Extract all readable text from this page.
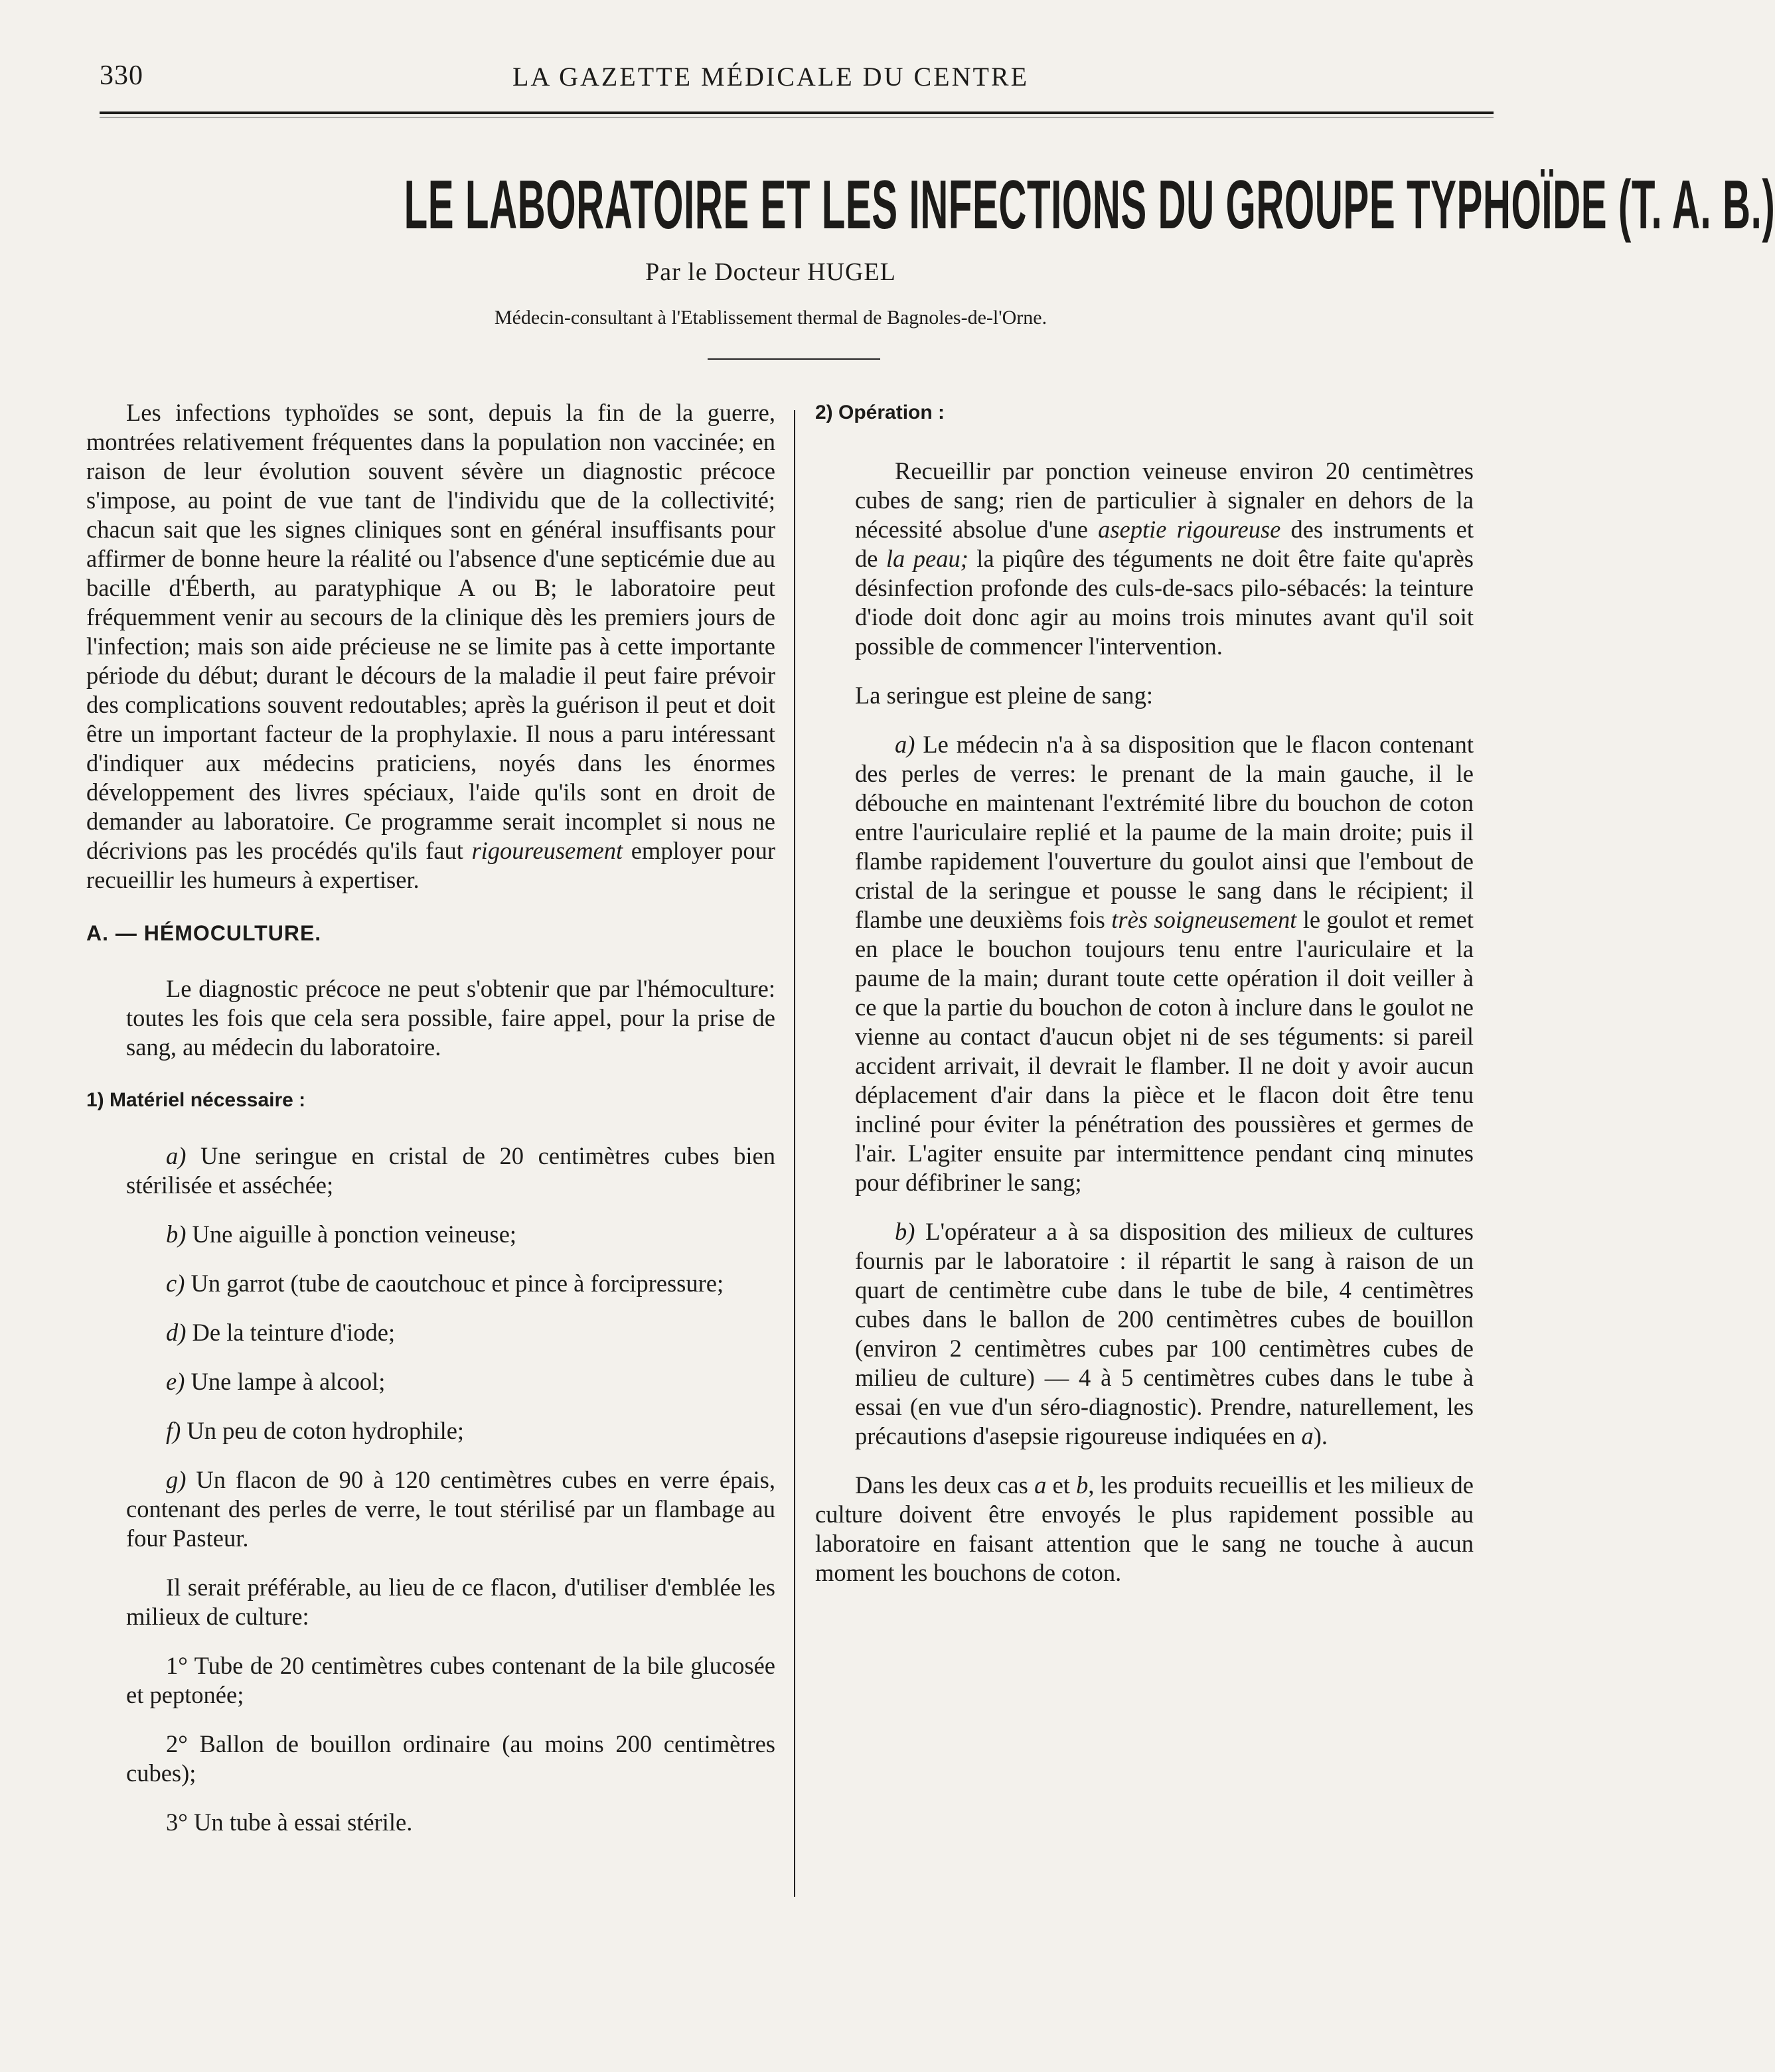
330	LA GAZETTE MÉDICALE DU CENTRE
LE LABORATOIRE ET LES INFECTIONS DU GROUPE TYPHOÏDE (T. A. B.)
Par le Docteur HUGEL
Médecin-consultant à l'Etablissement thermal de Bagnoles-de-l'Orne.

Les infections typhoïdes se sont, depuis la fin de la guerre, montrées relativement fréquentes dans la population non vaccinée; en raison de leur évolution souvent sévère un diagnostic précoce s'impose, au point de vue tant de l'individu que de la collectivité; chacun sait que les signes cliniques sont en général insuffisants pour affirmer de bonne heure la réalité ou l'absence d'une septicémie due au bacille d'Éberth, au paratyphique A ou B; le laboratoire peut fréquemment venir au secours de la clinique dès les premiers jours de l'infection; mais son aide précieuse ne se limite pas à cette importante période du début; durant le décours de la maladie il peut faire prévoir des complications souvent redoutables; après la guérison il peut et doit être un important facteur de la prophylaxie. Il nous a paru intéressant d'indiquer aux médecins praticiens, noyés dans les énormes développement des livres spéciaux, l'aide qu'ils sont en droit de demander au laboratoire. Ce programme serait incomplet si nous ne décrivions pas les procédés qu'ils faut rigoureusement employer pour recueillir les humeurs à expertiser.

A. — HÉMOCULTURE.

Le diagnostic précoce ne peut s'obtenir que par l'hémoculture: toutes les fois que cela sera possible, faire appel, pour la prise de sang, au médecin du laboratoire.

1) Matériel nécessaire :

a) Une seringue en cristal de 20 centimètres cubes bien stérilisée et asséchée;

b) Une aiguille à ponction veineuse;

c) Un garrot (tube de caoutchouc et pince à forcipressure;

d) De la teinture d'iode;

e) Une lampe à alcool;

f) Un peu de coton hydrophile;

g) Un flacon de 90 à 120 centimètres cubes en verre épais, contenant des perles de verre, le tout stérilisé par un flambage au four Pasteur.

Il serait préférable, au lieu de ce flacon, d'utiliser d'emblée les milieux de culture:

1° Tube de 20 centimètres cubes contenant de la bile glucosée et peptonée;

2° Ballon de bouillon ordinaire (au moins 200 centimètres cubes);

3° Un tube à essai stérile.

2) Opération :

Recueillir par ponction veineuse environ 20 centimètres cubes de sang; rien de particulier à signaler en dehors de la nécessité absolue d'une aseptie rigoureuse des instruments et de la peau; la piqûre des téguments ne doit être faite qu'après désinfection profonde des culs-de-sacs pilo-sébacés: la teinture d'iode doit donc agir au moins trois minutes avant qu'il soit possible de commencer l'intervention.

La seringue est pleine de sang:

a) Le médecin n'a à sa disposition que le flacon contenant des perles de verres: le prenant de la main gauche, il le débouche en maintenant l'extrémité libre du bouchon de coton entre l'auriculaire replié et la paume de la main droite; puis il flambe rapidement l'ouverture du goulot ainsi que l'embout de cristal de la seringue et pousse le sang dans le récipient; il flambe une deuxièms fois très soigneusement le goulot et remet en place le bouchon toujours tenu entre l'auriculaire et la paume de la main; durant toute cette opération il doit veiller à ce que la partie du bouchon de coton à inclure dans le goulot ne vienne au contact d'aucun objet ni de ses téguments: si pareil accident arrivait, il devrait le flamber. Il ne doit y avoir aucun déplacement d'air dans la pièce et le flacon doit être tenu incliné pour éviter la pénétration des poussières et germes de l'air. L'agiter ensuite par intermittence pendant cinq minutes pour défibriner le sang;

b) L'opérateur a à sa disposition des milieux de cultures fournis par le laboratoire : il répartit le sang à raison de un quart de centimètre cube dans le tube de bile, 4 centimètres cubes dans le ballon de 200 centimètres cubes de bouillon (environ 2 centimètres cubes par 100 centimètres cubes de milieu de culture) — 4 à 5 centimètres cubes dans le tube à essai (en vue d'un séro-diagnostic). Prendre, naturellement, les précautions d'asepsie rigoureuse indiquées en a).

Dans les deux cas a et b, les produits recueillis et les milieux de culture doivent être envoyés le plus rapidement possible au laboratoire en faisant attention que le sang ne touche à aucun moment les bouchons de coton.
